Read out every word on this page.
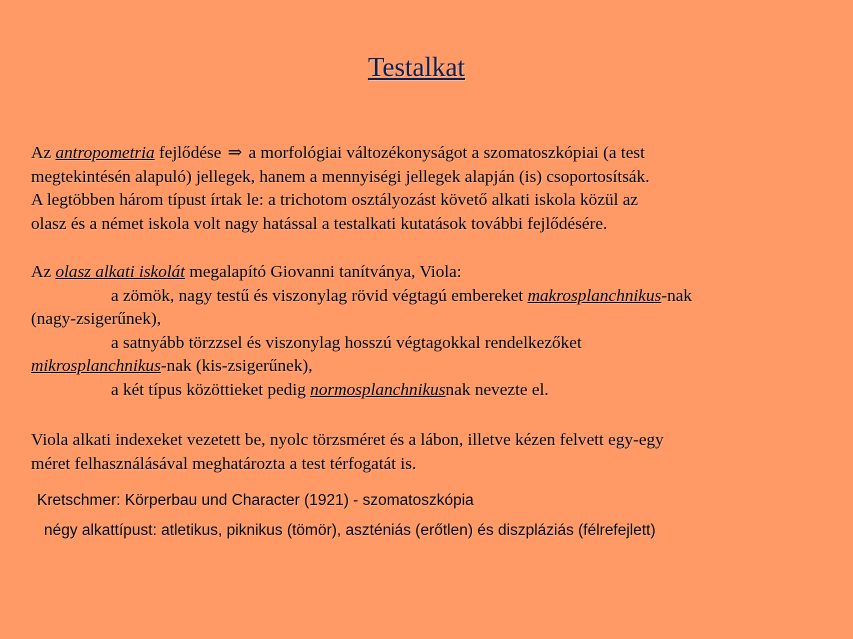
Testalkat
Az antropometria fejlődése ⇒ a morfológiai változékonyságot a szomatoszkópiai (a test
megtekintésén alapuló) jellegek, hanem a mennyiségi jellegek alapján (is) csoportosítsák.
A legtöbben három típust írtak le: a trichotom osztályozást követő alkati iskola közül az
olasz és a német iskola volt nagy hatással a testalkati kutatások további fejlődésére.
Az olasz alkati iskolát megalapító Giovanni tanítványa, Viola:
a zömök, nagy testű és viszonylag rövid végtagú embereket makrosplanchnikus-nak
(nagy-zsigerűnek),
a satnyább törzzsel és viszonylag hosszú végtagokkal rendelkezőket
mikrosplanchnikus-nak (kis-zsigerűnek),
a két típus közöttieket pedig normosplanchnikusnak nevezte el.
Viola alkati indexeket vezetett be, nyolc törzsméret és a lábon, illetve kézen felvett egy-egy
méret felhasználásával meghatározta a test térfogatát is.
Kretschmer: Körperbau und Character (1921) - szomatoszkópia
négy alkattípust: atletikus, piknikus (tömör), aszténiás (erőtlen) és diszpláziás (félrefejlett)
